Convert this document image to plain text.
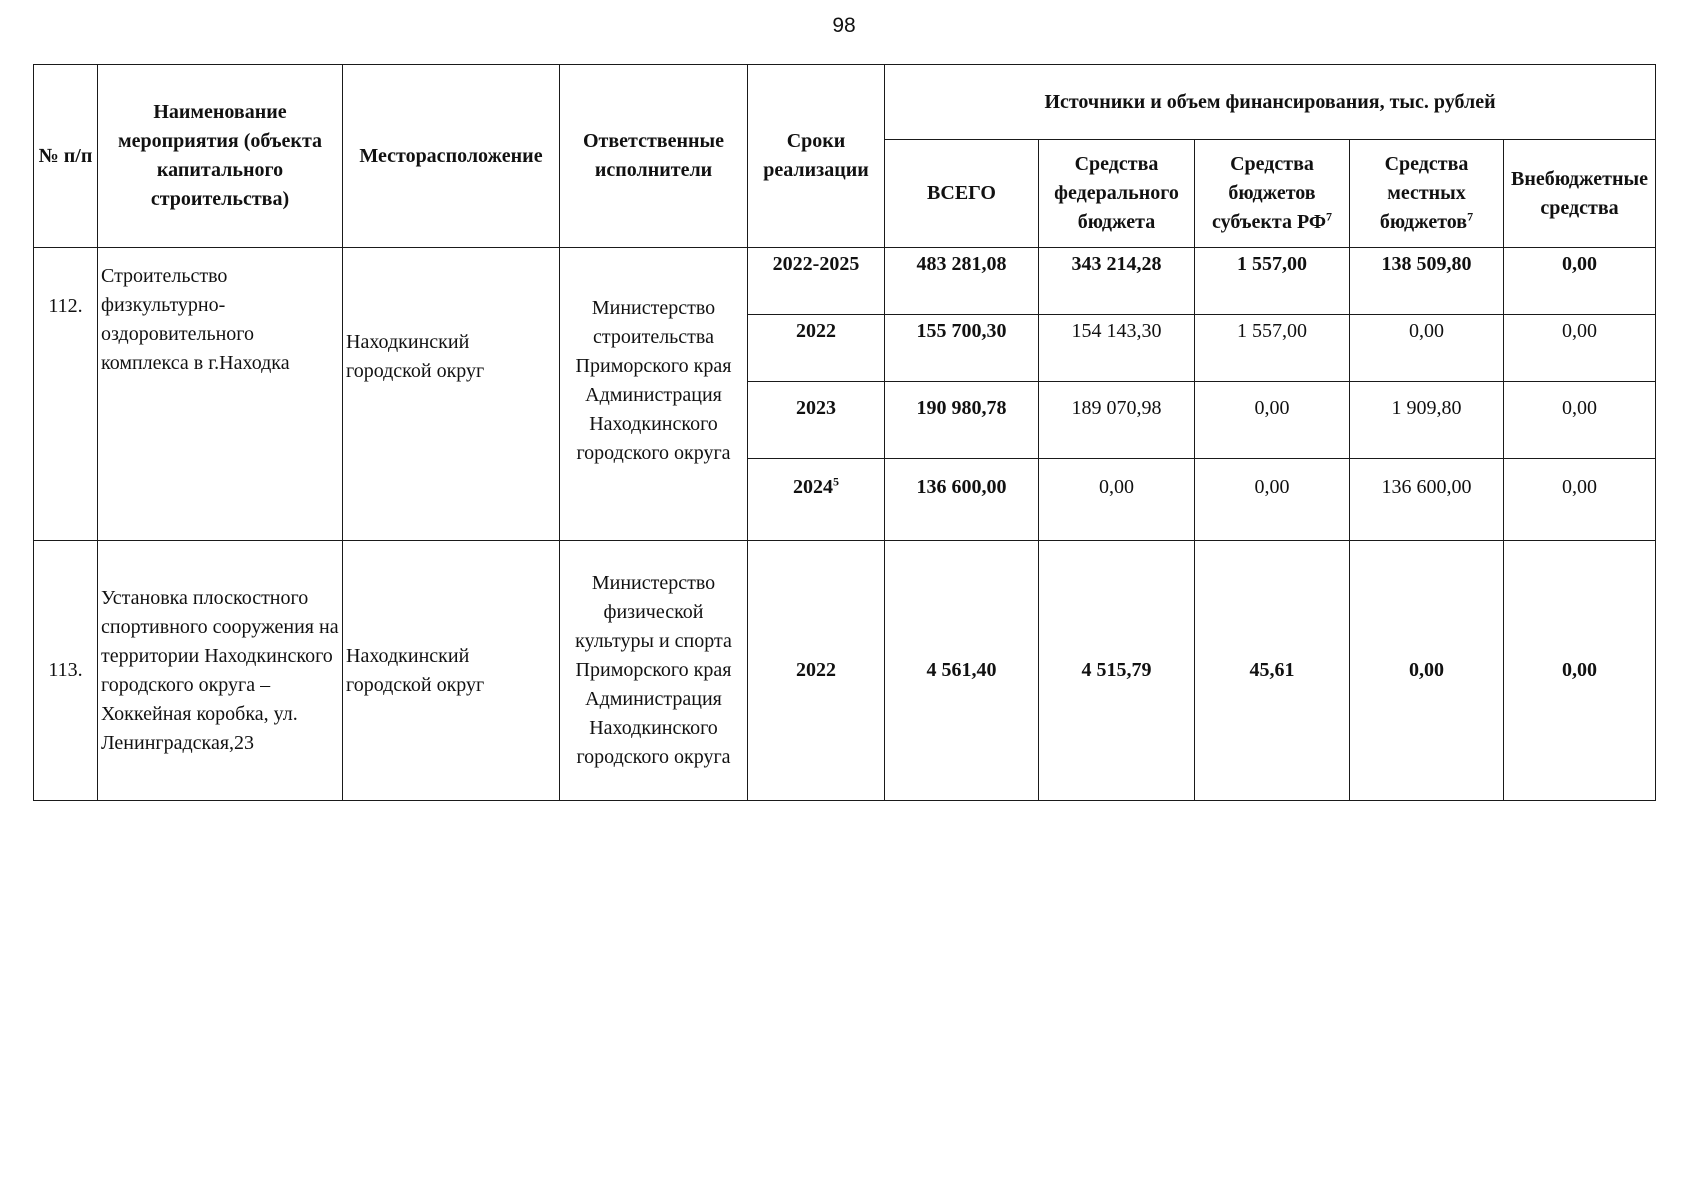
98
№ п/п	Наименование мероприятия (объекта капитального строительства)	Месторасположение	Ответственные исполнители	Сроки реализации	Источники и объем финансирования, тыс. рублей				
					ВСЕГО	Средства федерального бюджета	Средства бюджетов субъекта $РФ^7$	Средства местных бюджетов$^7$	Внебюджетные средства
112.	Строительство физкультурно-оздоровительного комплекса в г.Находка	Находкинский городской округ	Министерство строительства Приморского края Администрация Находкинского городского округа	2022-2025	483 281,08	343 214,28	1 557,00	138 509,80	0,00
				2022	155 700,30	154 143,30	1 557,00	0,00	0,00
				2023	190 980,78	189 070,98	0,00	1 909,80	0,00
				2024$^5$	136 600,00	0,00	0,00	136 600,00	0,00
113.	Установка плоскостного спортивного сооружения на территории Находкинского городского округа – Хоккейная коробка, ул. Ленинградская,23	Находкинский городской округ	Министерство физической культуры и спорта Приморского края Администрация Находкинского городского округа	2022	4 561,40	4 515,79	45,61	0,00	0,00
